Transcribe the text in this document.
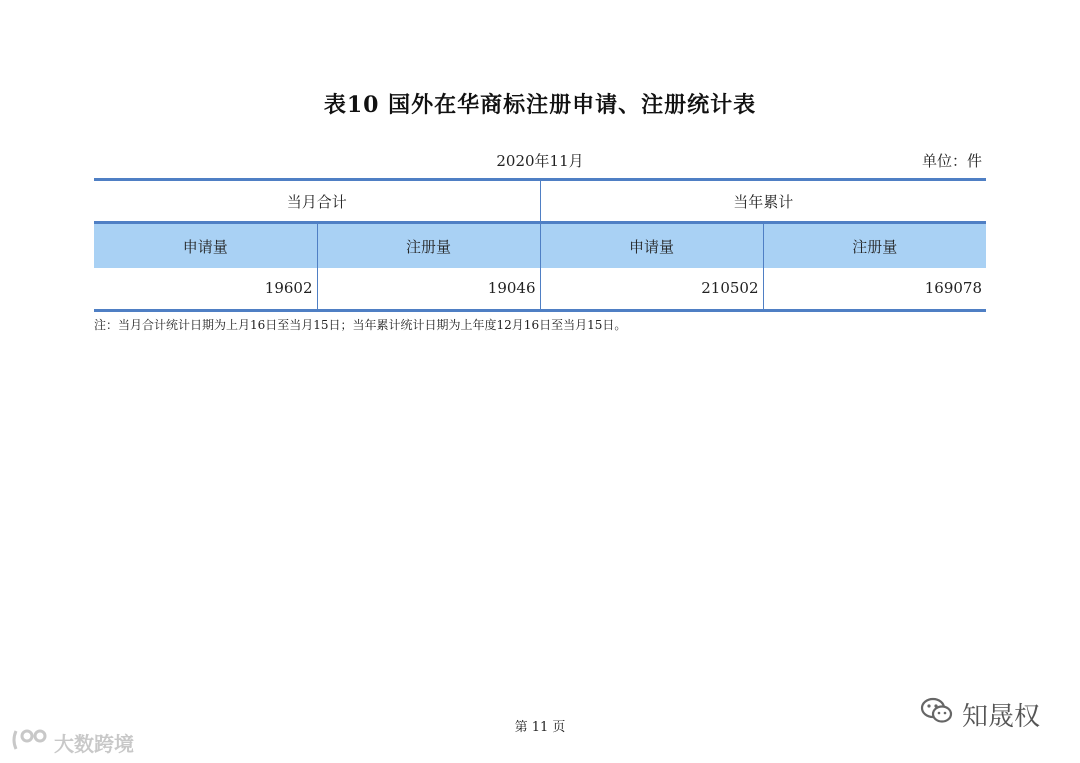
表10 国外在华商标注册申请、注册统计表
2020年11月	单位：件
当月合计		当年累计	
申请量	注册量	申请量	注册量
19602	19046	210502	169078
注：当月合计统计日期为上月16日至当月15日；当年累计统计日期为上年度12月16日至当月15日。
第 11 页
大数跨境
知晟权
